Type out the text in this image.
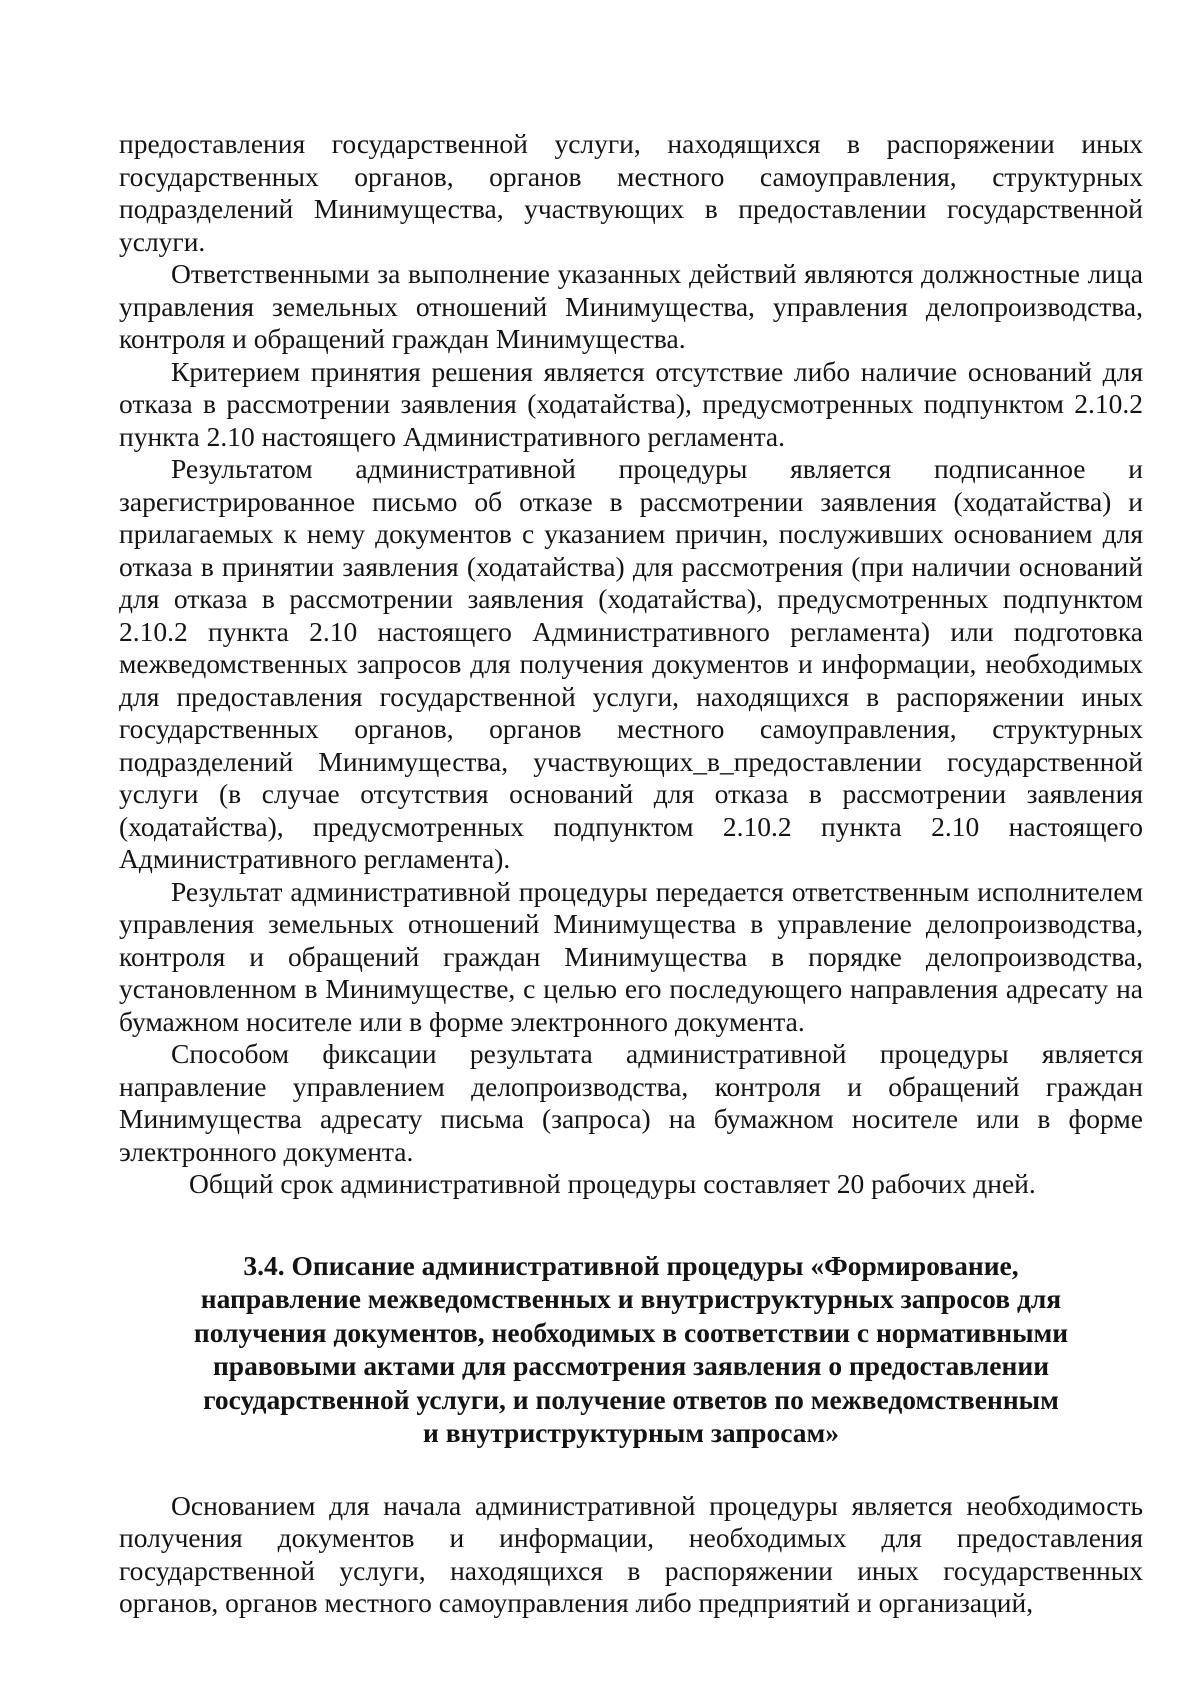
предоставления государственной услуги, находящихся в распоряжении иных государственных органов, органов местного самоуправления, структурных подразделений Минимущества, участвующих в предоставлении государственной услуги.

Ответственными за выполнение указанных действий являются должностные лица управления земельных отношений Минимущества, управления делопроизводства, контроля и обращений граждан Минимущества.

Критерием принятия решения является отсутствие либо наличие оснований для отказа в рассмотрении заявления (ходатайства), предусмотренных подпунктом 2.10.2 пункта 2.10 настоящего Административного регламента.

Результатом административной процедуры является подписанное и зарегистрированное письмо об отказе в рассмотрении заявления (ходатайства) и прилагаемых к нему документов с указанием причин, послуживших основанием для отказа в принятии заявления (ходатайства) для рассмотрения (при наличии оснований для отказа в рассмотрении заявления (ходатайства), предусмотренных подпунктом 2.10.2 пункта 2.10 настоящего Административного регламента) или подготовка межведомственных запросов для получения документов и информации, необходимых для предоставления государственной услуги, находящихся в распоряжении иных государственных органов, органов местного самоуправления, структурных подразделений Минимущества, участвующих_в_предоставлении государственной услуги (в случае отсутствия оснований для отказа в рассмотрении заявления (ходатайства), предусмотренных подпунктом 2.10.2 пункта 2.10 настоящего Административного регламента).

Результат административной процедуры передается ответственным исполнителем управления земельных отношений Минимущества в управление делопроизводства, контроля и обращений граждан Минимущества в порядке делопроизводства, установленном в Минимуществе, с целью его последующего направления адресату на бумажном носителе или в форме электронного документа.

Способом фиксации результата административной процедуры является направление управлением делопроизводства, контроля и обращений граждан Минимущества адресату письма (запроса) на бумажном носителе или в форме электронного документа.

Общий срок административной процедуры составляет 20 рабочих дней.

3.4. Описание административной процедуры «Формирование,
направление межведомственных и внутриструктурных запросов для
получения документов, необходимых в соответствии с нормативными
правовыми актами для рассмотрения заявления о предоставлении
государственной услуги, и получение ответов по межведомственным
и внутриструктурным запросам»

Основанием для начала административной процедуры является необходимость получения документов и информации, необходимых для предоставления государственной услуги, находящихся в распоряжении иных государственных органов, органов местного самоуправления либо предприятий и организаций,
